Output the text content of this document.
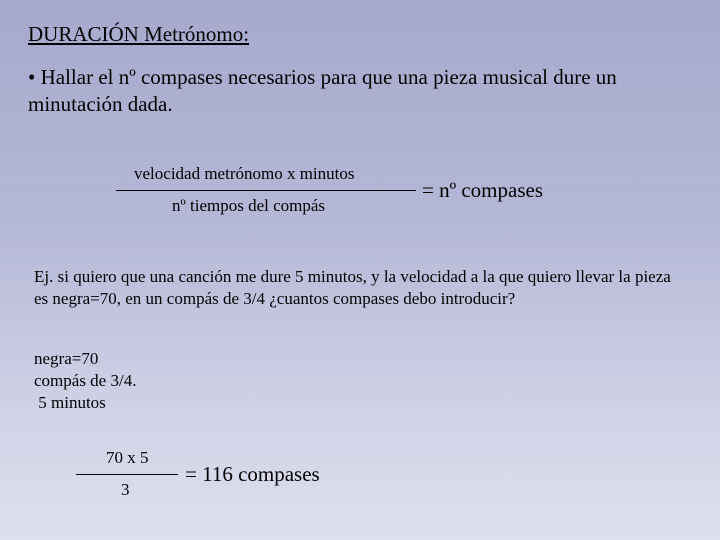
DURACIÓN Metrónomo:
• Hallar el nº compases necesarios para que una pieza musical dure un minutación dada.
velocidad metrónomo x minutos
nº tiempos del compás
= nº compases
Ej. si quiero que una canción me dure 5 minutos, y la velocidad a la que quiero llevar la pieza es negra=70, en un compás de 3/4 ¿cuantos compases debo introducir?
negra=70
compás de 3/4.
5 minutos
70 x 5
3
= 116 compases
